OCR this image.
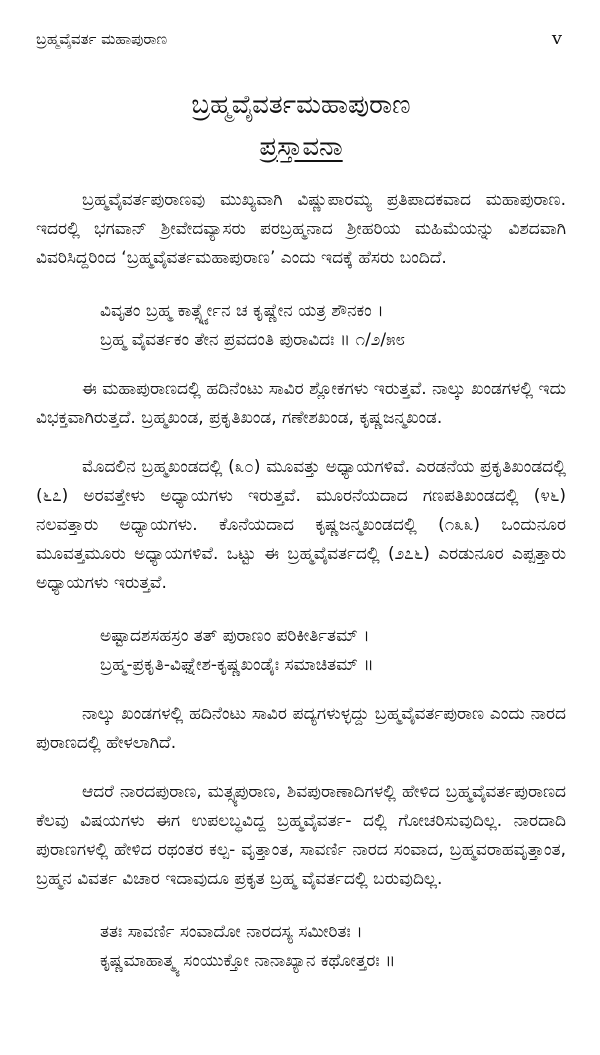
ಬ್ರಹ್ಮವೈವರ್ತ ಮಹಾಪುರಾಣ	v
ಬ್ರಹ್ಮವೈವರ್ತಮಹಾಪುರಾಣ
ಪ್ರಸ್ತಾವನಾ

ಬ್ರಹ್ಮವೈವರ್ತಪುರಾಣವು ಮುಖ್ಯವಾಗಿ ವಿಷ್ಣುಪಾರಮ್ಯ ಪ್ರತಿಪಾದಕವಾದ ಮಹಾಪುರಾಣ. ಇದರಲ್ಲಿ ಭಗವಾನ್ ಶ್ರೀವೇದವ್ಯಾಸರು ಪರಬ್ರಹ್ಮನಾದ ಶ್ರೀಹರಿಯ ಮಹಿಮೆಯನ್ನು ವಿಶದವಾಗಿ ವಿವರಿಸಿದ್ದರಿಂದ ‘ಬ್ರಹ್ಮವೈವರ್ತಮಹಾಪುರಾಣ’ ಎಂದು ಇದಕ್ಕೆ ಹೆಸರು ಬಂದಿದೆ.

ವಿವೃತಂ ಬ್ರಹ್ಮ ಕಾರ್ತ್ಸ್ನ್ಯೇನ ಚ ಕೃಷ್ಣೇನ ಯತ್ರ ಶೌನಕಂ ।
ಬ್ರಹ್ಮ ವೈವರ್ತಕಂ ತೇನ ಪ್ರವದಂತಿ ಪುರಾವಿದಃ ॥ ೧/೨/೫೮

ಈ ಮಹಾಪುರಾಣದಲ್ಲಿ ಹದಿನೆಂಟು ಸಾವಿರ ಶ್ಲೋಕಗಳು ಇರುತ್ತವೆ. ನಾಲ್ಕು ಖಂಡಗಳಲ್ಲಿ ಇದು ವಿಭಕ್ತವಾಗಿರುತ್ತದೆ. ಬ್ರಹ್ಮಖಂಡ, ಪ್ರಕೃತಿಖಂಡ, ಗಣೇಶಖಂಡ, ಕೃಷ್ಣಜನ್ಮಖಂಡ.

ಮೊದಲಿನ ಬ್ರಹ್ಮಖಂಡದಲ್ಲಿ (೩೦) ಮೂವತ್ತು ಅಧ್ಯಾಯಗಳಿವೆ. ಎರಡನೆಯ ಪ್ರಕೃತಿಖಂಡದಲ್ಲಿ (೬೭) ಅರವತ್ತೇಳು ಅಧ್ಯಾಯಗಳು ಇರುತ್ತವೆ. ಮೂರನೆಯದಾದ ಗಣಪತಿಖಂಡದಲ್ಲಿ (೪೬) ನಲವತ್ತಾರು ಅಧ್ಯಾಯಗಳು. ಕೊನೆಯದಾದ ಕೃಷ್ಣಜನ್ಮಖಂಡದಲ್ಲಿ (೧೩೩) ಒಂದುನೂರ ಮೂವತ್ತಮೂರು ಅಧ್ಯಾಯಗಳಿವೆ. ಒಟ್ಟು ಈ ಬ್ರಹ್ಮವೈವರ್ತದಲ್ಲಿ (೨೭೬) ಎರಡುನೂರ ಎಪ್ಪತ್ತಾರು ಅಧ್ಯಾಯಗಳು ಇರುತ್ತವೆ.

ಅಷ್ಟಾದಶಸಹಸ್ರಂ ತತ್ ಪುರಾಣಂ ಪರಿಕೀರ್ತಿತಮ್ ।
ಬ್ರಹ್ಮ-ಪ್ರಕೃತಿ-ವಿಘ್ನೇಶ-ಕೃಷ್ಣಖಂಡೈಃ ಸಮಾಚಿತಮ್ ॥

ನಾಲ್ಕು ಖಂಡಗಳಲ್ಲಿ ಹದಿನೆಂಟು ಸಾವಿರ ಪದ್ಯಗಳುಳ್ಳದ್ದು ಬ್ರಹ್ಮವೈವರ್ತಪುರಾಣ ಎಂದು ನಾರದ ಪುರಾಣದಲ್ಲಿ ಹೇಳಲಾಗಿದೆ.

ಆದರೆ ನಾರದಪುರಾಣ, ಮತ್ಸ್ಯಪುರಾಣ, ಶಿವಪುರಾಣಾದಿಗಳಲ್ಲಿ ಹೇಳಿದ ಬ್ರಹ್ಮವೈವರ್ತಪುರಾಣದ ಕೆಲವು ವಿಷಯಗಳು ಈಗ ಉಪಲಬ್ಧವಿದ್ದ ಬ್ರಹ್ಮವೈವರ್ತ- ದಲ್ಲಿ ಗೋಚರಿಸುವುದಿಲ್ಲ. ನಾರದಾದಿ ಪುರಾಣಗಳಲ್ಲಿ ಹೇಳಿದ ರಥಂತರ ಕಲ್ಪ- ವೃತ್ತಾಂತ, ಸಾವರ್ಣಿ ನಾರದ ಸಂವಾದ, ಬ್ರಹ್ಮವರಾಹವೃತ್ತಾಂತ, ಬ್ರಹ್ಮನ ವಿವರ್ತ ವಿಚಾರ ಇದಾವುದೂ ಪ್ರಕೃತ ಬ್ರಹ್ಮ ವೈವರ್ತದಲ್ಲಿ ಬರುವುದಿಲ್ಲ.

ತತಃ ಸಾವರ್ಣಿ ಸಂವಾದೋ ನಾರದಸ್ಯ ಸಮೀರಿತಃ ।
ಕೃಷ್ಣಮಾಹಾತ್ಮ್ಯ ಸಂಯುಕ್ತೋ ನಾನಾಖ್ಯಾನ ಕಥೋತ್ತರಃ ॥
